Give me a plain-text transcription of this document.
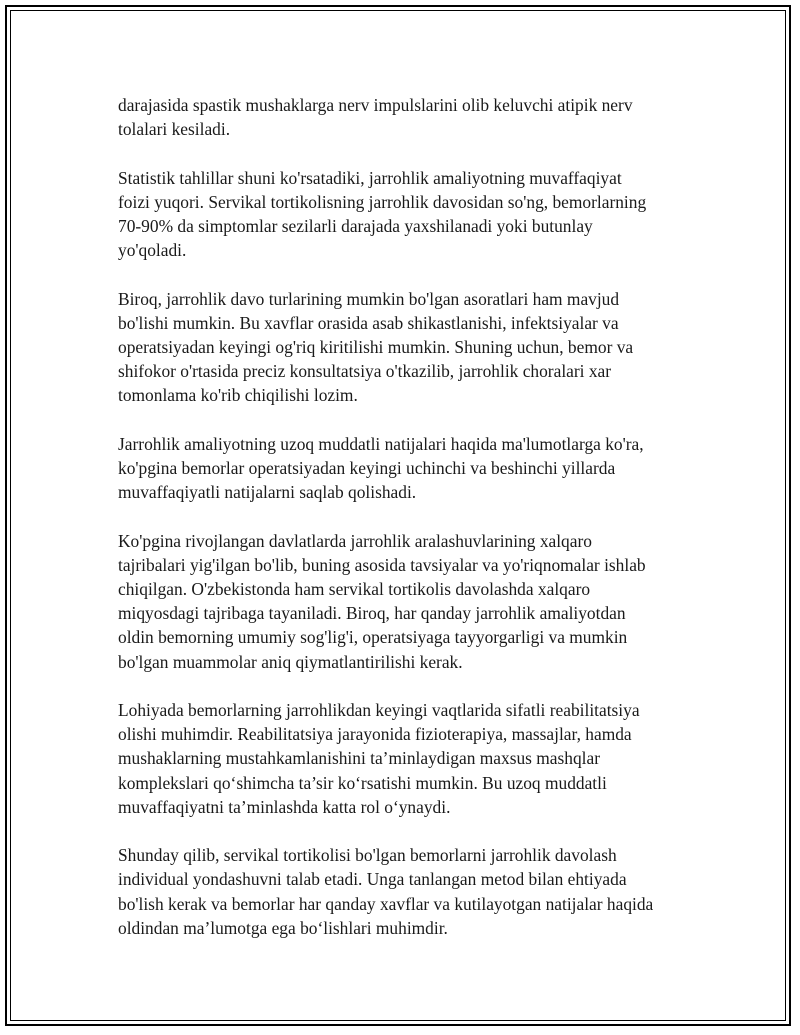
darajasida spastik mushaklarga nerv impulslarini olib keluvchi atipik nerv
tolalari kesiladi.

Statistik tahlillar shuni ko'rsatadiki, jarrohlik amaliyotning muvaffaqiyat
foizi yuqori. Servikal tortikolisning jarrohlik davosidan so'ng, bemorlarning
70-90% da simptomlar sezilarli darajada yaxshilanadi yoki butunlay
yo'qoladi.

Biroq, jarrohlik davo turlarining mumkin bo'lgan asoratlari ham mavjud
bo'lishi mumkin. Bu xavflar orasida asab shikastlanishi, infektsiyalar va
operatsiyadan keyingi og'riq kiritilishi mumkin. Shuning uchun, bemor va
shifokor o'rtasida preciz konsultatsiya o'tkazilib, jarrohlik choralari xar
tomonlama ko'rib chiqilishi lozim.

Jarrohlik amaliyotning uzoq muddatli natijalari haqida ma'lumotlarga ko'ra,
ko'pgina bemorlar operatsiyadan keyingi uchinchi va beshinchi yillarda
muvaffaqiyatli natijalarni saqlab qolishadi.

Ko'pgina rivojlangan davlatlarda jarrohlik aralashuvlarining xalqaro
tajribalari yig'ilgan bo'lib, buning asosida tavsiyalar va yo'riqnomalar ishlab
chiqilgan. O'zbekistonda ham servikal tortikolis davolashda xalqaro
miqyosdagi tajribaga tayaniladi. Biroq, har qanday jarrohlik amaliyotdan
oldin bemorning umumiy sog'lig'i, operatsiyaga tayyorgarligi va mumkin
bo'lgan muammolar aniq qiymatlantirilishi kerak.

Lohiyada bemorlarning jarrohlikdan keyingi vaqtlarida sifatli reabilitatsiya
olishi muhimdir. Reabilitatsiya jarayonida fizioterapiya, massajlar, hamda
mushaklarning mustahkamlanishini ta’minlaydigan maxsus mashqlar
komplekslari qo‘shimcha ta’sir ko‘rsatishi mumkin. Bu uzoq muddatli
muvaffaqiyatni ta’minlashda katta rol o‘ynaydi.

Shunday qilib, servikal tortikolisi bo'lgan bemorlarni jarrohlik davolash
individual yondashuvni talab etadi. Unga tanlangan metod bilan ehtiyada
bo'lish kerak va bemorlar har qanday xavflar va kutilayotgan natijalar haqida
oldindan ma’lumotga ega bo‘lishlari muhimdir.
